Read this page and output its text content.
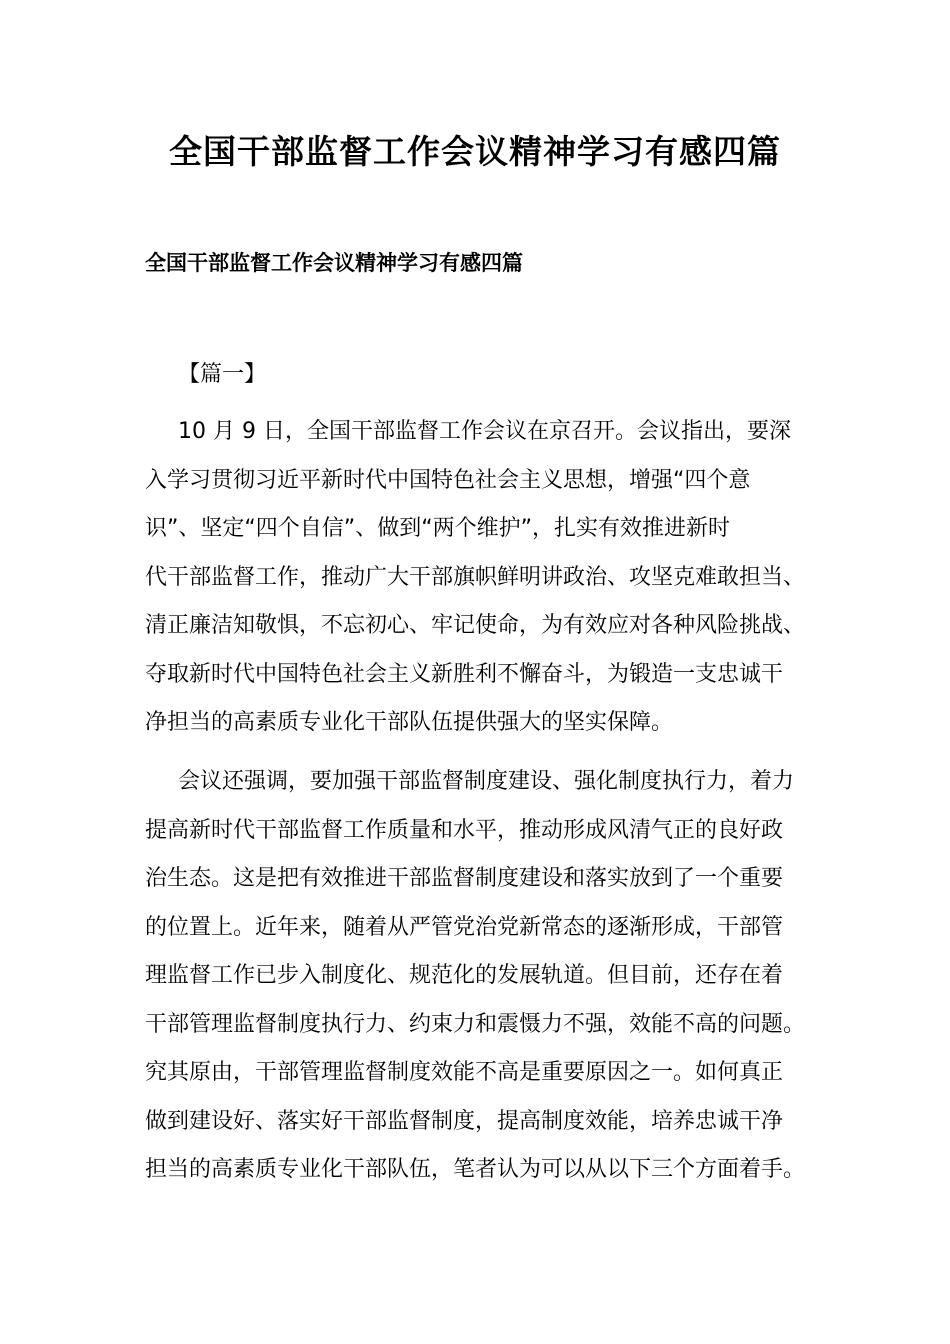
全国干部监督工作会议精神学习有感四篇
全国干部监督工作会议精神学习有感四篇
【篇一】

10 月 9 日，全国干部监督工作会议在京召开。会议指出，要深
入学习贯彻习近平新时代中国特色社会主义思想，增强“四个意
识”、坚定“四个自信”、做到“两个维护”，扎实有效推进新时
代干部监督工作，推动广大干部旗帜鲜明讲政治、攻坚克难敢担当、
清正廉洁知敬惧，不忘初心、牢记使命，为有效应对各种风险挑战、
夺取新时代中国特色社会主义新胜利不懈奋斗，为锻造一支忠诚干
净担当的高素质专业化干部队伍提供强大的坚实保障。

会议还强调，要加强干部监督制度建设、强化制度执行力，着力
提高新时代干部监督工作质量和水平，推动形成风清气正的良好政
治生态。这是把有效推进干部监督制度建设和落实放到了一个重要
的位置上。近年来，随着从严管党治党新常态的逐渐形成，干部管
理监督工作已步入制度化、规范化的发展轨道。但目前，还存在着
干部管理监督制度执行力、约束力和震慑力不强，效能不高的问题。
究其原由，干部管理监督制度效能不高是重要原因之一。如何真正
做到建设好、落实好干部监督制度，提高制度效能，培养忠诚干净
担当的高素质专业化干部队伍，笔者认为可以从以下三个方面着手。
